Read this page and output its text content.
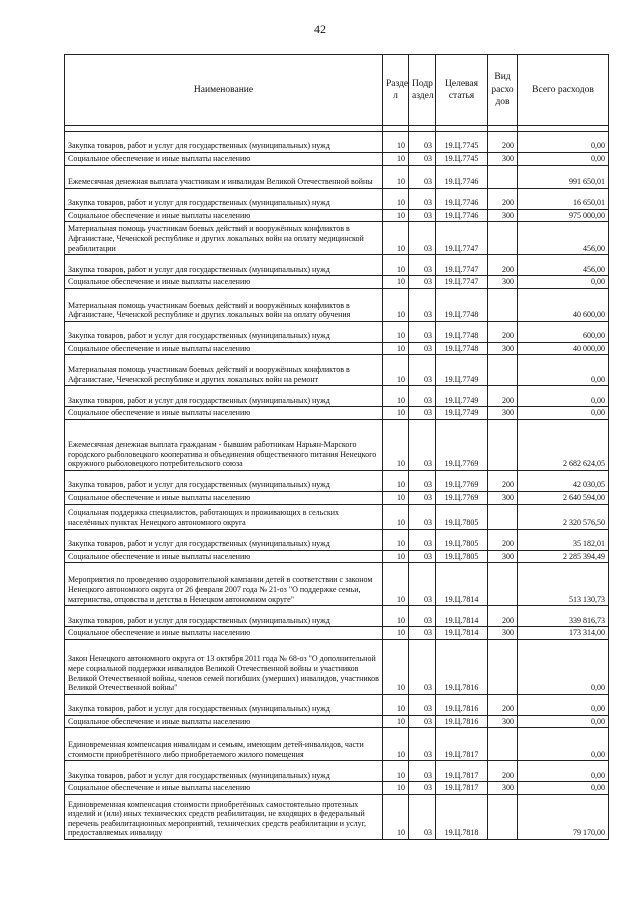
42
Наименование	Разде л	Подр аздел	Целевая статья	Вид расхо дов	Всего расходов

Закупка товаров, работ и услуг для государственных (муниципальных) нужд	10	03	19.Ц.7745	200	0,00
Социальное обеспечение и иные выплаты населению	10	03	19.Ц.7745	300	0,00
Ежемесячная денежная выплата участникам и инвалидам Великой Отечественной войны	10	03	19.Ц.7746		991 650,01
Закупка товаров, работ и услуг для государственных (муниципальных) нужд	10	03	19.Ц.7746	200	16 650,01
Социальное обеспечение и иные выплаты населению	10	03	19.Ц.7746	300	975 000,00
Материальная помощь участникам боевых действий и вооружённых конфликтов в Афганистане, Чеченской республике и других локальных войн на оплату медицинской реабилитации	10	03	19.Ц.7747		456,00
Закупка товаров, работ и услуг для государственных (муниципальных) нужд	10	03	19.Ц.7747	200	456,00
Социальное обеспечение и иные выплаты населению	10	03	19.Ц.7747	300	0,00
Материальная помощь участникам боевых действий и вооружённых конфликтов в Афганистане, Чеченской республике и других локальных войн на оплату обучения	10	03	19.Ц.7748		40 600,00
Закупка товаров, работ и услуг для государственных (муниципальных) нужд	10	03	19.Ц.7748	200	600,00
Социальное обеспечение и иные выплаты населению	10	03	19.Ц.7748	300	40 000,00
Материальная помощь участникам боевых действий и вооружённых конфликтов в Афганистане, Чеченской республике и других локальных войн на ремонт	10	03	19.Ц.7749		0,00
Закупка товаров, работ и услуг для государственных (муниципальных) нужд	10	03	19.Ц.7749	200	0,00
Социальное обеспечение и иные выплаты населению	10	03	19.Ц.7749	300	0,00
Ежемесячная денежная выплата гражданам - бывшим работникам Нарьян-Марского городского рыболовецкого кооператива и объединения общественного питания Ненецкого окружного рыболовецкого потребительского союза	10	03	19.Ц.7769		2 682 624,05
Закупка товаров, работ и услуг для государственных (муниципальных) нужд	10	03	19.Ц.7769	200	42 030,05
Социальное обеспечение и иные выплаты населению	10	03	19.Ц.7769	300	2 640 594,00
Социальная поддержка специалистов, работающих и проживающих в сельских населённых пунктах Ненецкого автономного округа	10	03	19.Ц.7805		2 320 576,50
Закупка товаров, работ и услуг для государственных (муниципальных) нужд	10	03	19.Ц.7805	200	35 182,01
Социальное обеспечение и иные выплаты населению	10	03	19.Ц.7805	300	2 285 394,49
Мероприятия по проведению оздоровительной кампании детей в соответствии с законом Ненецкого автономного округа от 26 февраля 2007 года № 21-оз "О поддержке семьи, материнства, отцовства и детства в Ненецком автономном округе"	10	03	19.Ц.7814		513 130,73
Закупка товаров, работ и услуг для государственных (муниципальных) нужд	10	03	19.Ц.7814	200	339 816,73
Социальное обеспечение и иные выплаты населению	10	03	19.Ц.7814	300	173 314,00
Закон Ненецкого автономного округа от 13 октября 2011 года № 68-оз "О дополнительной мере социальной поддержки инвалидов Великой Отечественной войны и участников Великой Отечественной войны, членов семей погибших (умерших) инвалидов, участников Великой Отечественной войны"	10	03	19.Ц.7816		0,00
Закупка товаров, работ и услуг для государственных (муниципальных) нужд	10	03	19.Ц.7816	200	0,00
Социальное обеспечение и иные выплаты населению	10	03	19.Ц.7816	300	0,00
Единовременная компенсация инвалидам и семьям, имеющим детей-инвалидов, части стоимости приобретённого либо приобретаемого жилого помещения	10	03	19.Ц.7817		0,00
Закупка товаров, работ и услуг для государственных (муниципальных) нужд	10	03	19.Ц.7817	200	0,00
Социальное обеспечение и иные выплаты населению	10	03	19.Ц.7817	300	0,00
Единовременная компенсация стоимости приобретённых самостоятельно протезных изделий и (или) иных технических средств реабилитации, не входящих в федеральный перечень реабилитационных мероприятий, технических средств реабилитации и услуг, предоставляемых инвалиду	10	03	19.Ц.7818		79 170,00
